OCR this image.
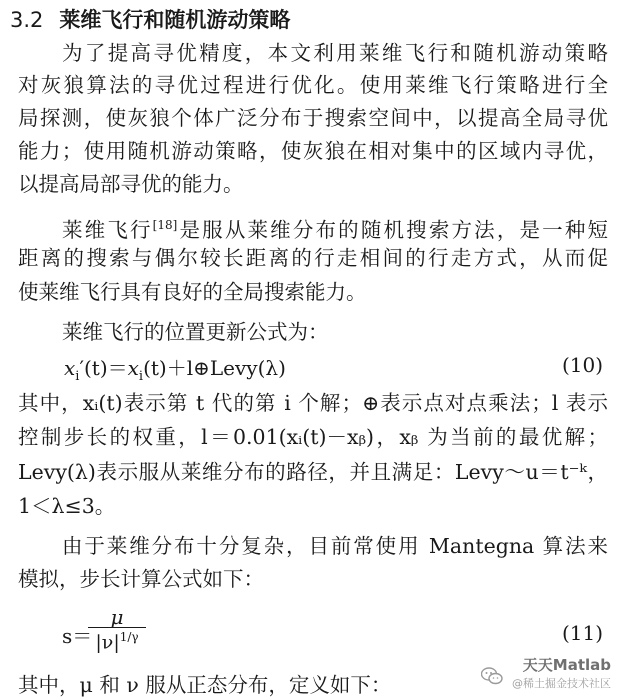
3.2 莱维飞行和随机游动策略
为了提高寻优精度，本文利用莱维飞行和随机游动策略
对灰狼算法的寻优过程进行优化。使用莱维飞行策略进行全
局探测，使灰狼个体广泛分布于搜索空间中，以提高全局寻优
能力；使用随机游动策略，使灰狼在相对集中的区域内寻优，
以提高局部寻优的能力。
莱维飞行[18]是服从莱维分布的随机搜索方法，是一种短
距离的搜索与偶尔较长距离的行走相间的行走方式，从而促
使莱维飞行具有良好的全局搜索能力。
莱维飞行的位置更新公式为：
$x_i'(t)=x_i(t)+l\oplus Levy(\lambda)$	(10)
其中，xᵢ(t)表示第 t 代的第 i 个解；⊕表示点对点乘法；l 表示
控制步长的权重，l＝0.01(xᵢ(t)－xᵦ)，xᵦ 为当前的最优解；
Levy(λ)表示服从莱维分布的路径，并且满足：Levy～u＝t⁻ᵏ，
1＜λ≤3。
由于莱维分布十分复杂，目前常使用 Mantegna 算法来
模拟，步长计算公式如下：
s＝
μ
$|\nu|^{1/\gamma}$	(11)
其中，μ 和 ν 服从正态分布，定义如下：
天天Matlab
@稀土掘金技术社区
